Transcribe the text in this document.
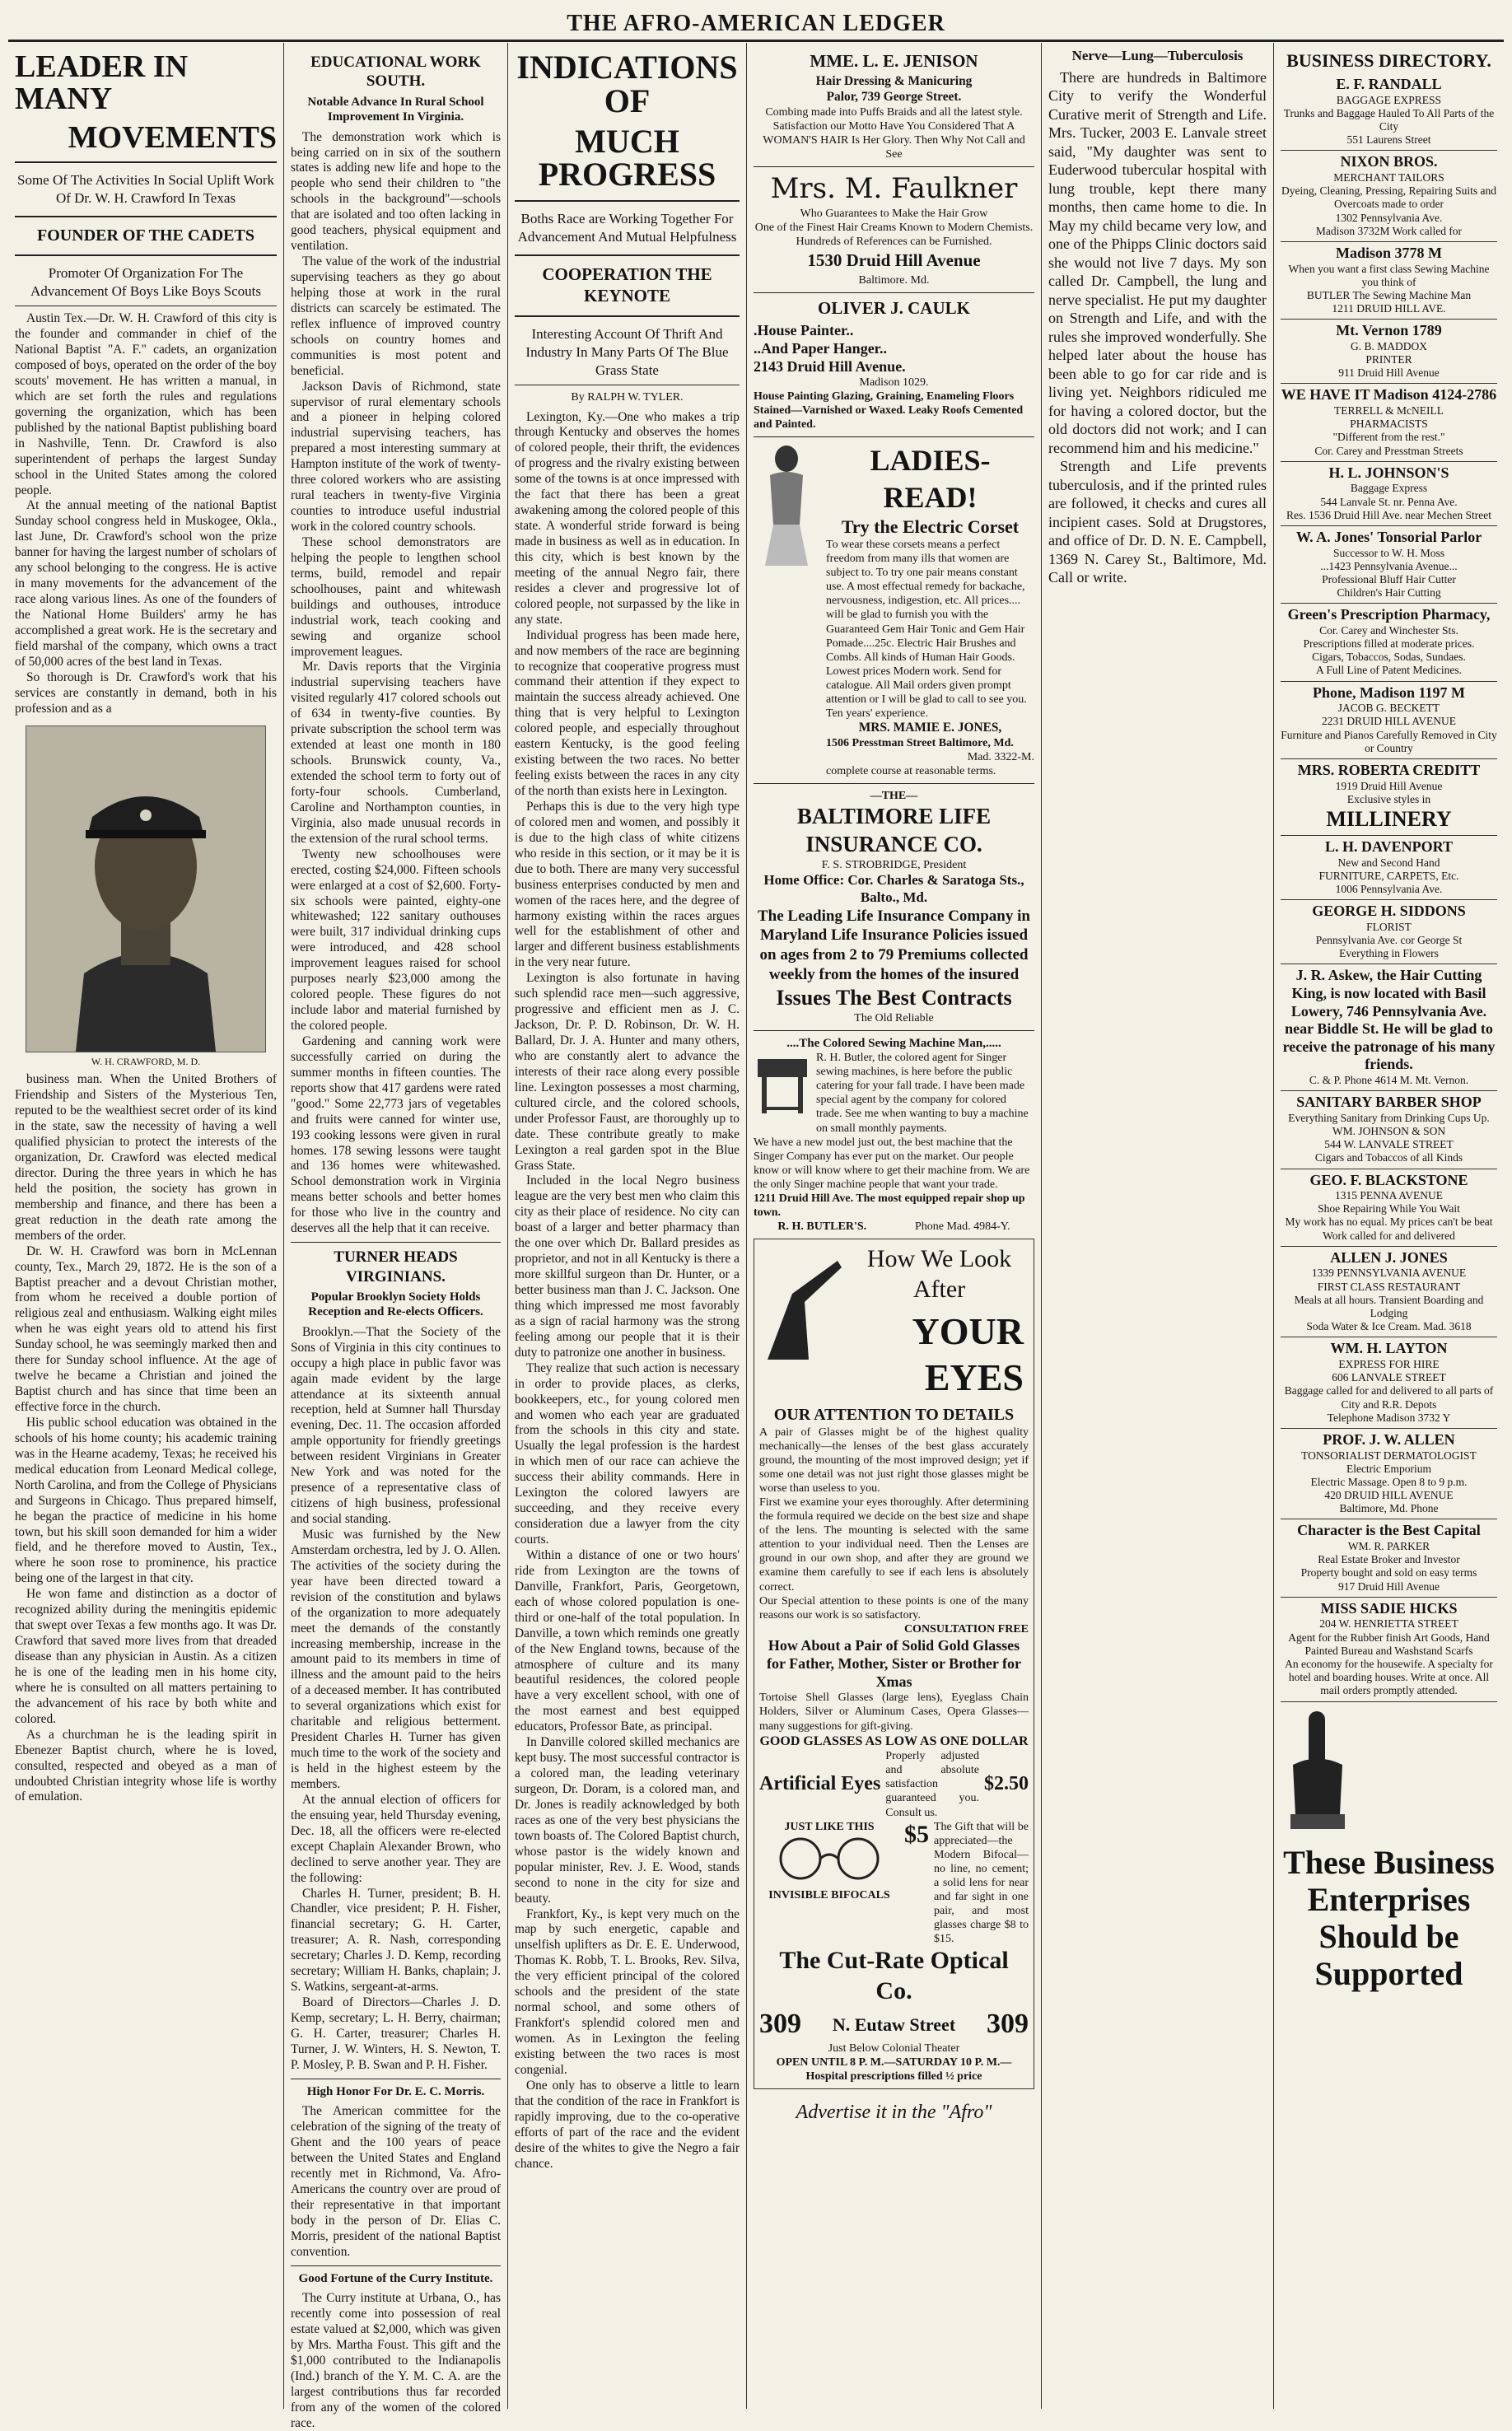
THE AFRO-AMERICAN LEDGER
LEADER IN MANY
MOVEMENTS
Some Of The Activities In Social Uplift Work Of Dr. W. H. Crawford In Texas
FOUNDER OF THE CADETS
Promoter Of Organization For The Advancement Of Boys Like Boys Scouts

Austin Tex.—Dr. W. H. Crawford of this city is the founder and commander in chief of the National Baptist "A. F." cadets, an organization composed of boys, operated on the order of the boy scouts' movement. He has written a manual, in which are set forth the rules and regulations governing the organization, which has been published by the national Baptist publishing board in Nashville, Tenn. Dr. Crawford is also superintendent of perhaps the largest Sunday school in the United States among the colored people.

At the annual meeting of the national Baptist Sunday school congress held in Muskogee, Okla., last June, Dr. Crawford's school won the prize banner for having the largest number of scholars of any school belonging to the congress. He is active in many movements for the advancement of the race along various lines. As one of the founders of the National Home Builders' army he has accomplished a great work. He is the secretary and field marshal of the company, which owns a tract of 50,000 acres of the best land in Texas.

So thorough is Dr. Crawford's work that his services are constantly in demand, both in his profession and as a

W. H. CRAWFORD, M. D.

business man. When the United Brothers of Friendship and Sisters of the Mysterious Ten, reputed to be the wealthiest secret order of its kind in the state, saw the necessity of having a well qualified physician to protect the interests of the organization, Dr. Crawford was elected medical director. During the three years in which he has held the position, the society has grown in membership and finance, and there has been a great reduction in the death rate among the members of the order.

Dr. W. H. Crawford was born in McLennan county, Tex., March 29, 1872. He is the son of a Baptist preacher and a devout Christian mother, from whom he received a double portion of religious zeal and enthusiasm. Walking eight miles when he was eight years old to attend his first Sunday school, he was seemingly marked then and there for Sunday school influence. At the age of twelve he became a Christian and joined the Baptist church and has since that time been an effective force in the church.

His public school education was obtained in the schools of his home county; his academic training was in the Hearne academy, Texas; he received his medical education from Leonard Medical college, North Carolina, and from the College of Physicians and Surgeons in Chicago. Thus prepared himself, he began the practice of medicine in his home town, but his skill soon demanded for him a wider field, and he therefore moved to Austin, Tex., where he soon rose to prominence, his practice being one of the largest in that city.

He won fame and distinction as a doctor of recognized ability during the meningitis epidemic that swept over Texas a few months ago. It was Dr. Crawford that saved more lives from that dreaded disease than any physician in Austin. As a citizen he is one of the leading men in his home city, where he is consulted on all matters pertaining to the advancement of his race by both white and colored.

As a churchman he is the leading spirit in Ebenezer Baptist church, where he is loved, consulted, respected and obeyed as a man of undoubted Christian integrity whose life is worthy of emulation.

EDUCATIONAL WORK SOUTH.
Notable Advance In Rural School Improvement In Virginia.

The demonstration work which is being carried on in six of the southern states is adding new life and hope to the people who send their children to "the schools in the background"—schools that are isolated and too often lacking in good teachers, physical equipment and ventilation.

The value of the work of the industrial supervising teachers as they go about helping those at work in the rural districts can scarcely be estimated. The reflex influence of improved country schools on country homes and communities is most potent and beneficial.

Jackson Davis of Richmond, state supervisor of rural elementary schools and a pioneer in helping colored industrial supervising teachers, has prepared a most interesting summary at Hampton institute of the work of twenty-three colored workers who are assisting rural teachers in twenty-five Virginia counties to introduce useful industrial work in the colored country schools.

These school demonstrators are helping the people to lengthen school terms, build, remodel and repair schoolhouses, paint and whitewash buildings and outhouses, introduce industrial work, teach cooking and sewing and organize school improvement leagues.

Mr. Davis reports that the Virginia industrial supervising teachers have visited regularly 417 colored schools out of 634 in twenty-five counties. By private subscription the school term was extended at least one month in 180 schools. Brunswick county, Va., extended the school term to forty out of forty-four schools. Cumberland, Caroline and Northampton counties, in Virginia, also made unusual records in the extension of the rural school terms.

Twenty new schoolhouses were erected, costing $24,000. Fifteen schools were enlarged at a cost of $2,600. Forty-six schools were painted, eighty-one whitewashed; 122 sanitary outhouses were built, 317 individual drinking cups were introduced, and 428 school improvement leagues raised for school purposes nearly $23,000 among the colored people. These figures do not include labor and material furnished by the colored people.

Gardening and canning work were successfully carried on during the summer months in fifteen counties. The reports show that 417 gardens were rated "good." Some 22,773 jars of vegetables and fruits were canned for winter use, 193 cooking lessons were given in rural homes. 178 sewing lessons were taught and 136 homes were whitewashed. School demonstration work in Virginia means better schools and better homes for those who live in the country and deserves all the help that it can receive.

TURNER HEADS VIRGINIANS.
Popular Brooklyn Society Holds Reception and Re-elects Officers.

Brooklyn.—That the Society of the Sons of Virginia in this city continues to occupy a high place in public favor was again made evident by the large attendance at its sixteenth annual reception, held at Sumner hall Thursday evening, Dec. 11. The occasion afforded ample opportunity for friendly greetings between resident Virginians in Greater New York and was noted for the presence of a representative class of citizens of high business, professional and social standing.

Music was furnished by the New Amsterdam orchestra, led by J. O. Allen. The activities of the society during the year have been directed toward a revision of the constitution and bylaws of the organization to more adequately meet the demands of the constantly increasing membership, increase in the amount paid to its members in time of illness and the amount paid to the heirs of a deceased member. It has contributed to several organizations which exist for charitable and religious betterment. President Charles H. Turner has given much time to the work of the society and is held in the highest esteem by the members.

At the annual election of officers for the ensuing year, held Thursday evening, Dec. 18, all the officers were re-elected except Chaplain Alexander Brown, who declined to serve another year. They are the following:

Charles H. Turner, president; B. H. Chandler, vice president; P. H. Fisher, financial secretary; G. H. Carter, treasurer; A. R. Nash, corresponding secretary; Charles J. D. Kemp, recording secretary; William H. Banks, chaplain; J. S. Watkins, sergeant-at-arms.

Board of Directors—Charles J. D. Kemp, secretary; L. H. Berry, chairman; G. H. Carter, treasurer; Charles H. Turner, J. W. Winters, H. S. Newton, T. P. Mosley, P. B. Swan and P. H. Fisher.

High Honor For Dr. E. C. Morris.

The American committee for the celebration of the signing of the treaty of Ghent and the 100 years of peace between the United States and England recently met in Richmond, Va. Afro-Americans the country over are proud of their representative in that important body in the person of Dr. Elias C. Morris, president of the national Baptist convention.

Good Fortune of the Curry Institute.

The Curry institute at Urbana, O., has recently come into possession of real estate valued at $2,000, which was given by Mrs. Martha Foust. This gift and the $1,000 contributed to the Indianapolis (Ind.) branch of the Y. M. C. A. are the largest contributions thus far recorded from any of the women of the colored race.

INDICATIONS OF
MUCH PROGRESS
Boths Race are Working Together For Advancement And Mutual Helpfulness
COOPERATION THE KEYNOTE
Interesting Account Of Thrift And Industry In Many Parts Of The Blue Grass State
By RALPH W. TYLER.

Lexington, Ky.—One who makes a trip through Kentucky and observes the homes of colored people, their thrift, the evidences of progress and the rivalry existing between some of the towns is at once impressed with the fact that there has been a great awakening among the colored people of this state. A wonderful stride forward is being made in business as well as in education. In this city, which is best known by the meeting of the annual Negro fair, there resides a clever and progressive lot of colored people, not surpassed by the like in any state.

Individual progress has been made here, and now members of the race are beginning to recognize that cooperative progress must command their attention if they expect to maintain the success already achieved. One thing that is very helpful to Lexington colored people, and especially throughout eastern Kentucky, is the good feeling existing between the two races. No better feeling exists between the races in any city of the north than exists here in Lexington.

Perhaps this is due to the very high type of colored men and women, and possibly it is due to the high class of white citizens who reside in this section, or it may be it is due to both. There are many very successful business enterprises conducted by men and women of the races here, and the degree of harmony existing within the races argues well for the establishment of other and larger and different business establishments in the very near future.

Lexington is also fortunate in having such splendid race men—such aggressive, progressive and efficient men as J. C. Jackson, Dr. P. D. Robinson, Dr. W. H. Ballard, Dr. J. A. Hunter and many others, who are constantly alert to advance the interests of their race along every possible line. Lexington possesses a most charming, cultured circle, and the colored schools, under Professor Faust, are thoroughly up to date. These contribute greatly to make Lexington a real garden spot in the Blue Grass State.

Included in the local Negro business league are the very best men who claim this city as their place of residence. No city can boast of a larger and better pharmacy than the one over which Dr. Ballard presides as proprietor, and not in all Kentucky is there a more skillful surgeon than Dr. Hunter, or a better business man than J. C. Jackson. One thing which impressed me most favorably as a sign of racial harmony was the strong feeling among our people that it is their duty to patronize one another in business.

They realize that such action is necessary in order to provide places, as clerks, bookkeepers, etc., for young colored men and women who each year are graduated from the schools in this city and state. Usually the legal profession is the hardest in which men of our race can achieve the success their ability commands. Here in Lexington the colored lawyers are succeeding, and they receive every consideration due a lawyer from the city courts.

Within a distance of one or two hours' ride from Lexington are the towns of Danville, Frankfort, Paris, Georgetown, each of whose colored population is one-third or one-half of the total population. In Danville, a town which reminds one greatly of the New England towns, because of the atmosphere of culture and its many beautiful residences, the colored people have a very excellent school, with one of the most earnest and best equipped educators, Professor Bate, as principal.

In Danville colored skilled mechanics are kept busy. The most successful contractor is a colored man, the leading veterinary surgeon, Dr. Doram, is a colored man, and Dr. Jones is readily acknowledged by both races as one of the very best physicians the town boasts of. The Colored Baptist church, whose pastor is the widely known and popular minister, Rev. J. E. Wood, stands second to none in the city for size and beauty.

Frankfort, Ky., is kept very much on the map by such energetic, capable and unselfish uplifters as Dr. E. E. Underwood, Thomas K. Robb, T. L. Brooks, Rev. Silva, the very efficient principal of the colored schools and the president of the state normal school, and some others of Frankfort's splendid colored men and women. As in Lexington the feeling existing between the two races is most congenial.

One only has to observe a little to learn that the condition of the race in Frankfort is rapidly improving, due to the co-operative efforts of part of the race and the evident desire of the whites to give the Negro a fair chance.

MME. L. E. JENISON
Hair Dressing & Manicuring
Palor, 739 George Street.
Combing made into Puffs Braids and all the latest style. Satisfaction our Motto Have You Considered That A WOMAN'S HAIR Is Her Glory. Then Why Not Call and See
Mrs. M. Faulkner
Who Guarantees to Make the Hair Grow
One of the Finest Hair Creams Known to Modern Chemists.
Hundreds of References can be Furnished.
1530 Druid Hill Avenue
Baltimore. Md.
OLIVER J. CAULK
.House Painter..
..And Paper Hanger..
2143 Druid Hill Avenue.
Madison 1029.
House Painting Glazing, Graining, Enameling Floors Stained—Varnished or Waxed. Leaky Roofs Cemented and Painted.
LADIES-READ!
Try the Electric Corset
To wear these corsets means a perfect freedom from many ills that women are subject to. To try one pair means constant use. A most effectual remedy for backache, nervousness, indigestion, etc. All prices.... will be glad to furnish you with the Guaranteed Gem Hair Tonic and Gem Hair Pomade....25c. Electric Hair Brushes and Combs. All kinds of Human Hair Goods. Lowest prices Modern work. Send for catalogue. All Mail orders given prompt attention or I will be glad to call to see you. Ten years' experience.
MRS. MAMIE E. JONES,
1506 Presstman Street Baltimore, Md.
Mad. 3322-M.
complete course at reasonable terms.
—THE—
BALTIMORE LIFE INSURANCE CO.
F. S. STROBRIDGE, President
Home Office: Cor. Charles & Saratoga Sts., Balto., Md.
The Leading Life Insurance Company in Maryland Life Insurance Policies issued on ages from 2 to 79 Premiums collected weekly from the homes of the insured
Issues The Best Contracts
The Old Reliable
....The Colored Sewing Machine Man,.....
R. H. Butler, the colored agent for Singer sewing machines, is here before the public catering for your fall trade. I have been made special agent by the company for colored trade. See me when wanting to buy a machine on small monthly payments.
We have a new model just out, the best machine that the Singer Company has ever put on the market. Our people know or will know where to get their machine from. We are the only Singer machine people that want your trade.
1211 Druid Hill Ave. The most equipped repair shop up town.
R. H. BUTLER'S.	Phone Mad. 4984-Y.
How We Look After
YOUR EYES
OUR ATTENTION TO DETAILS
A pair of Glasses might be of the highest quality mechanically—the lenses of the best glass accurately ground, the mounting of the most improved design; yet if some one detail was not just right those glasses might be worse than useless to you.
First we examine your eyes thoroughly. After determining the formula required we decide on the best size and shape of the lens. The mounting is selected with the same attention to your individual need. Then the Lenses are ground in our own shop, and after they are ground we examine them carefully to see if each lens is absolutely correct.
Our Special attention to these points is one of the many reasons our work is so satisfactory.
CONSULTATION FREE
How About a Pair of Solid Gold Glasses for Father, Mother, Sister or Brother for Xmas
Tortoise Shell Glasses (large lens), Eyeglass Chain Holders, Silver or Aluminum Cases, Opera Glasses—many suggestions for gift-giving.
GOOD GLASSES AS LOW AS ONE DOLLAR
Artificial Eyes
Properly adjusted and absolute satisfaction guaranteed you. Consult us.
$2.50
JUST LIKE THIS
INVISIBLE BIFOCALS
$5 The Gift that will be appreciated—the Modern Bifocal—no line, no cement; a solid lens for near and far sight in one pair, and most glasses charge $8 to $15.
The Cut-Rate Optical Co.
309 N. Eutaw Street 309
Just Below Colonial Theater
OPEN UNTIL 8 P. M.—SATURDAY 10 P. M.—Hospital prescriptions filled ½ price
Advertise it in the "Afro"
Nerve—Lung—Tuberculosis

There are hundreds in Baltimore City to verify the Wonderful Curative merit of Strength and Life. Mrs. Tucker, 2003 E. Lanvale street said, "My daughter was sent to Euderwood tubercular hospital with lung trouble, kept there many months, then came home to die. In May my child became very low, and one of the Phipps Clinic doctors said she would not live 7 days. My son called Dr. Campbell, the lung and nerve specialist. He put my daughter on Strength and Life, and with the rules she improved wonderfully. She helped later about the house has been able to go for car ride and is living yet. Neighbors ridiculed me for having a colored doctor, but the old doctors did not work; and I can recommend him and his medicine."

Strength and Life prevents tuberculosis, and if the printed rules are followed, it checks and cures all incipient cases. Sold at Drugstores, and office of Dr. D. N. E. Campbell, 1369 N. Carey St., Baltimore, Md. Call or write.

BUSINESS DIRECTORY.
E. F. RANDALL
BAGGAGE EXPRESS
Trunks and Baggage Hauled To All Parts of the City
551 Laurens Street
NIXON BROS.
MERCHANT TAILORS
Dyeing, Cleaning, Pressing, Repairing Suits and Overcoats made to order
1302 Pennsylvania Ave.
Madison 3732M Work called for
Madison 3778 M
When you want a first class Sewing Machine you think of
BUTLER The Sewing Machine Man
1211 DRUID HILL AVE.
Mt. Vernon 1789
G. B. MADDOX
PRINTER
911 Druid Hill Avenue
WE HAVE IT Madison 4124-2786
TERRELL & McNEILL
PHARMACISTS
"Different from the rest."
Cor. Carey and Presstman Streets
H. L. JOHNSON'S
Baggage Express
544 Lanvale St. nr. Penna Ave.
Res. 1536 Druid Hill Ave. near Mechen Street
W. A. Jones' Tonsorial Parlor
Successor to W. H. Moss
...1423 Pennsylvania Avenue...
Professional Bluff Hair Cutter
Children's Hair Cutting
Green's Prescription Pharmacy,
Cor. Carey and Winchester Sts.
Prescriptions filled at moderate prices.
Cigars, Tobaccos, Sodas, Sundaes.
A Full Line of Patent Medicines.
Phone, Madison 1197 M
JACOB G. BECKETT
2231 DRUID HILL AVENUE
Furniture and Pianos Carefully Removed in City or Country
MRS. ROBERTA CREDITT
1919 Druid Hill Avenue
Exclusive styles in
MILLINERY
L. H. DAVENPORT
New and Second Hand
FURNITURE, CARPETS, Etc.
1006 Pennsylvania Ave.
GEORGE H. SIDDONS
FLORIST
Pennsylvania Ave. cor George St
Everything in Flowers
J. R. Askew, the Hair Cutting King, is now located with Basil Lowery, 746 Pennsylvania Ave. near Biddle St. He will be glad to receive the patronage of his many friends.
C. & P. Phone 4614 M. Mt. Vernon.
SANITARY BARBER SHOP
Everything Sanitary from Drinking Cups Up.
WM. JOHNSON & SON
544 W. LANVALE STREET
Cigars and Tobaccos of all Kinds
GEO. F. BLACKSTONE
1315 PENNA AVENUE
Shoe Repairing While You Wait
My work has no equal. My prices can't be beat
Work called for and delivered
ALLEN J. JONES
1339 PENNSYLVANIA AVENUE
FIRST CLASS RESTAURANT
Meals at all hours. Transient Boarding and Lodging
Soda Water & Ice Cream. Mad. 3618
WM. H. LAYTON
EXPRESS FOR HIRE
606 LANVALE STREET
Baggage called for and delivered to all parts of City and R.R. Depots
Telephone Madison 3732 Y
PROF. J. W. ALLEN
TONSORIALIST DERMATOLOGIST
Electric Emporium
Electric Massage. Open 8 to 9 p.m.
420 DRUID HILL AVENUE
Baltimore, Md. Phone
Character is the Best Capital
WM. R. PARKER
Real Estate Broker and Investor
Property bought and sold on easy terms
917 Druid Hill Avenue
MISS SADIE HICKS
204 W. HENRIETTA STREET
Agent for the Rubber finish Art Goods, Hand Painted Bureau and Washstand Scarfs
An economy for the housewife. A specialty for hotel and boarding houses. Write at once. All mail orders promptly attended.
These Business
Enterprises
Should be
Supported
